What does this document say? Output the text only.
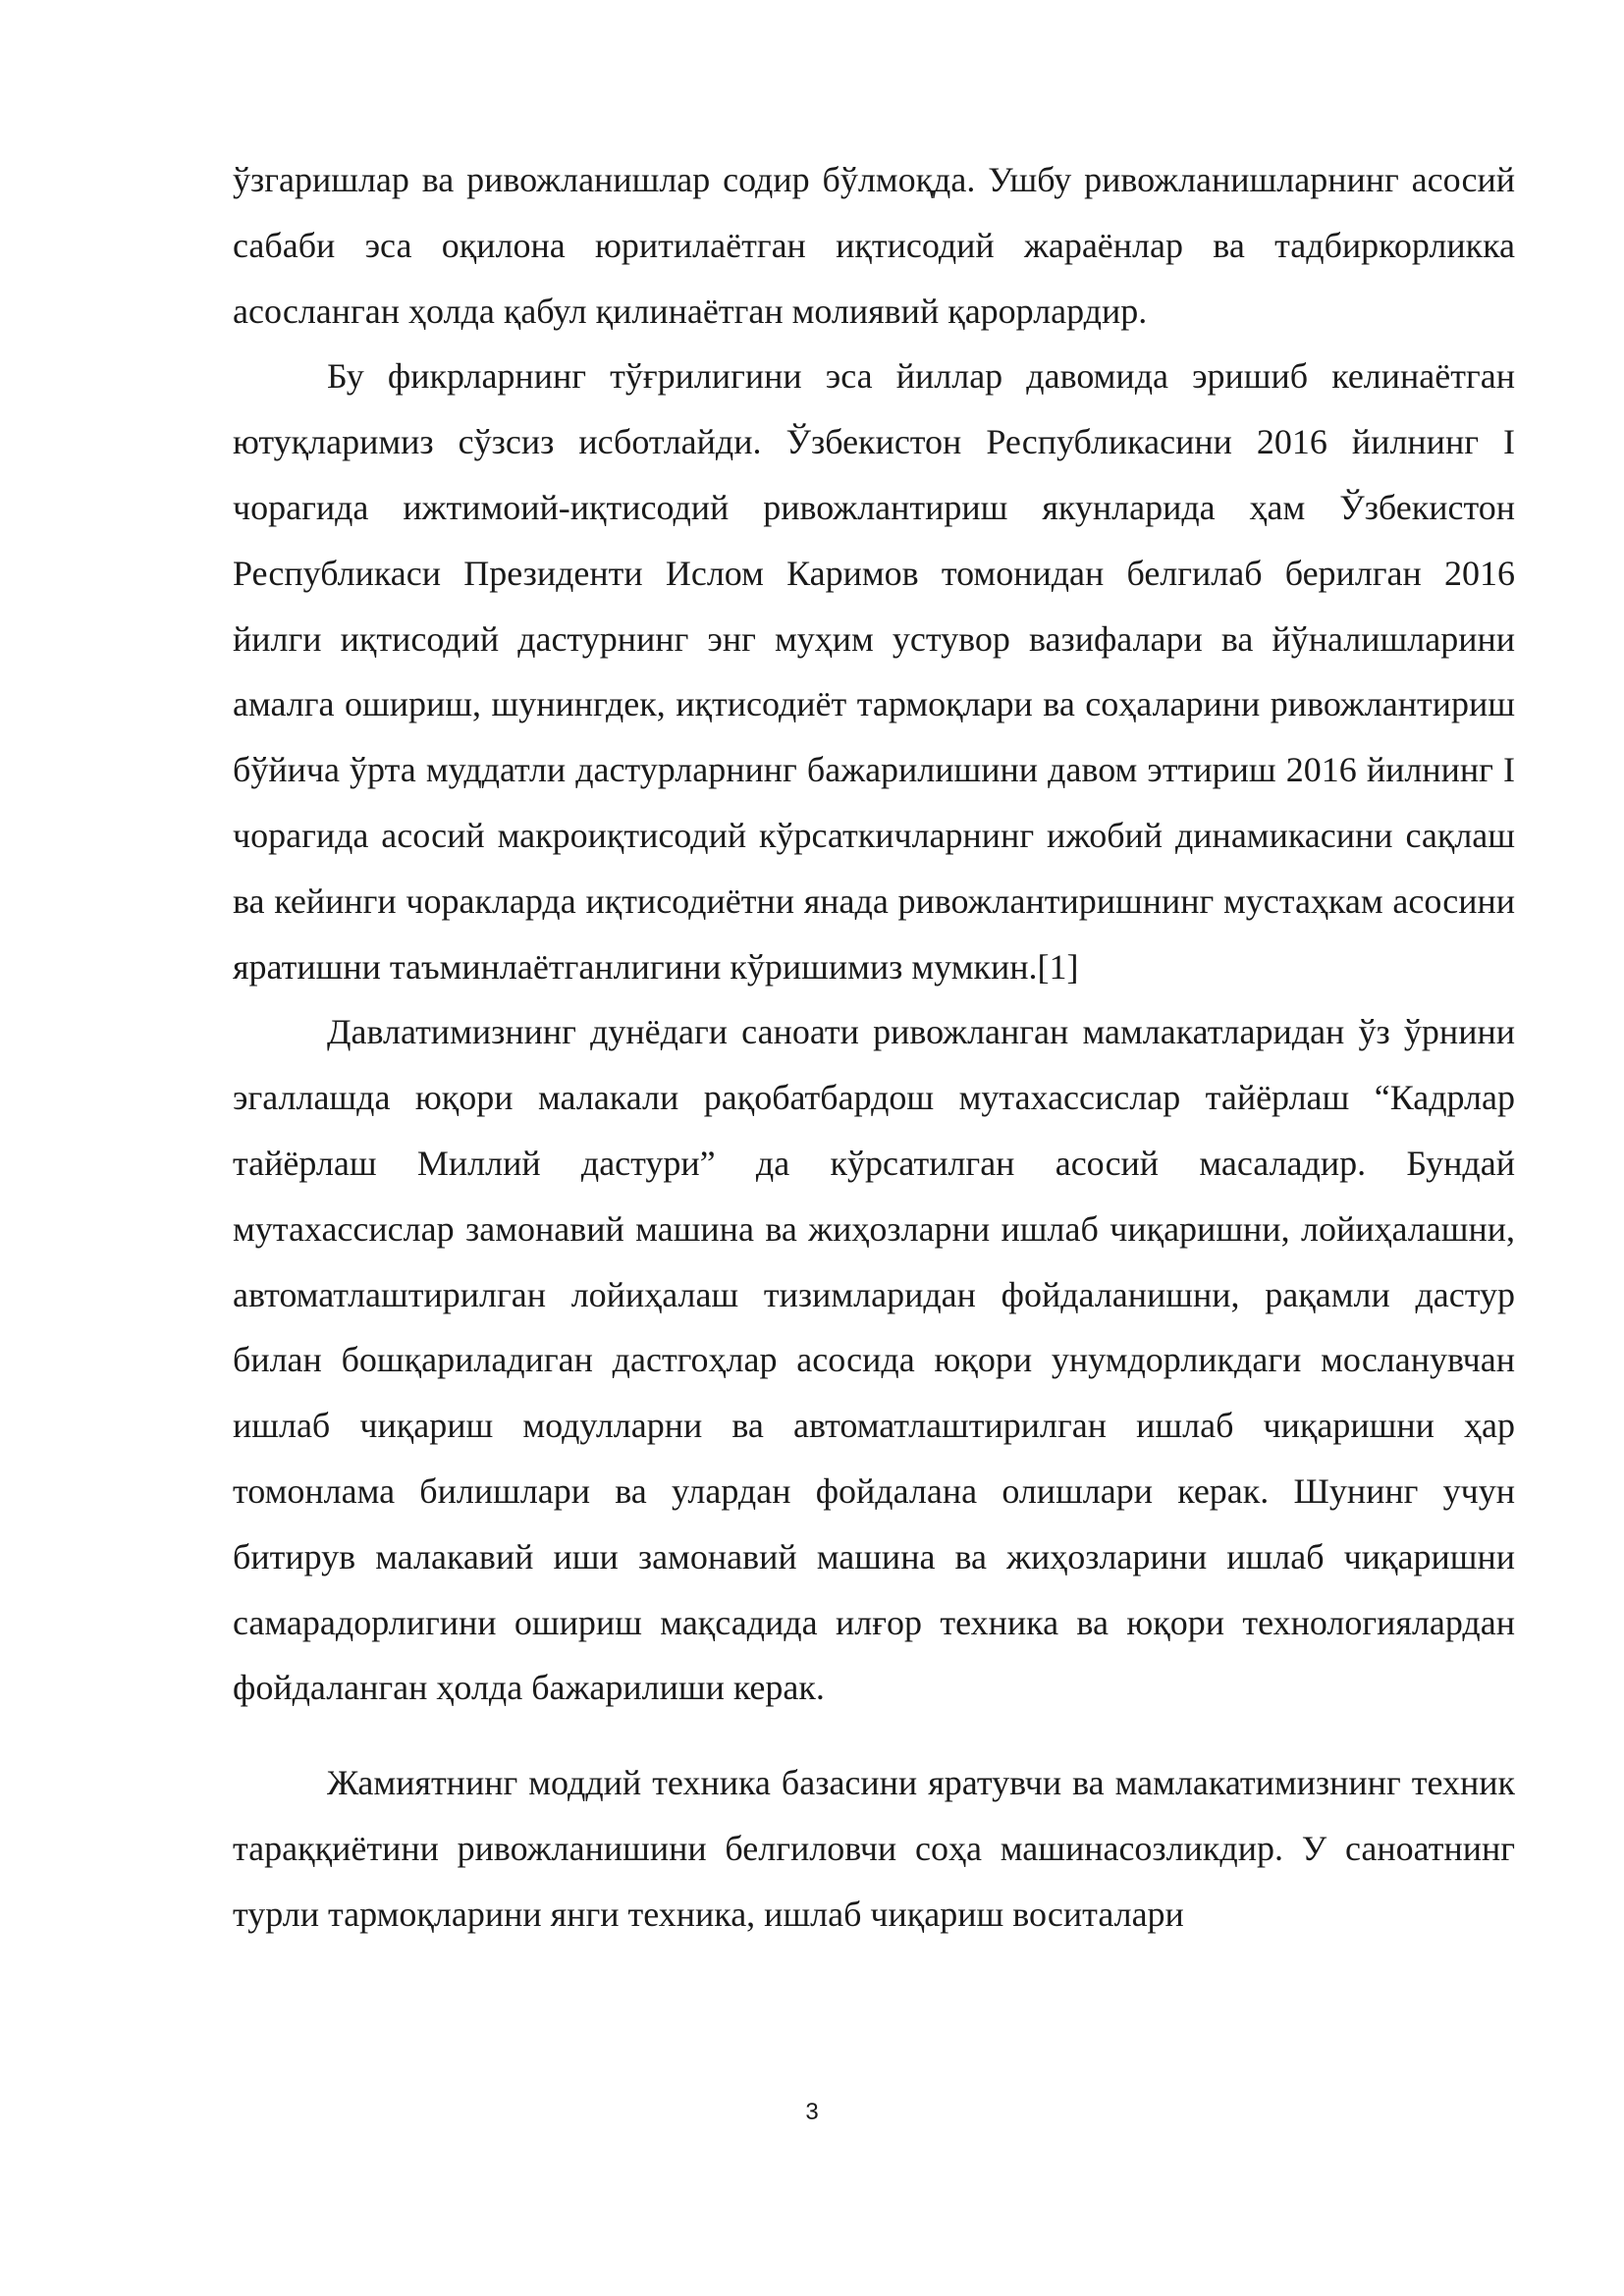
ўзгаришлар ва ривожланишлар содир бўлмоқда. Ушбу ривожланишларнинг асосий сабаби эса оқилона юритилаётган иқтисодий жараёнлар ва тадбиркорликка асосланган ҳолда қабул қилинаётган молиявий қарорлардир.

Бу фикрларнинг тўғрилигини эса йиллар давомида эришиб келинаётган ютуқларимиз сўзсиз исботлайди. Ўзбекистон Республикасини 2016 йилнинг I чорагида ижтимоий-иқтисодий ривожлантириш якунларида ҳам Ўзбекистон Республикаси Президенти Ислом Каримов томонидан белгилаб берилган 2016 йилги иқтисодий дастурнинг энг муҳим устувор вазифалари ва йўналишларини амалга ошириш, шунингдек, иқтисодиёт тармоқлари ва соҳаларини ривожлантириш бўйича ўрта муддатли дастурларнинг бажарилишини давом эттириш 2016 йилнинг I чорагида асосий макроиқтисодий кўрсаткичларнинг ижобий динамикасини сақлаш ва кейинги чоракларда иқтисодиётни янада ривожлантиришнинг мустаҳкам асосини яратишни таъминлаётганлигини кўришимиз мумкин.[1]

Давлатимизнинг дунёдаги саноати ривожланган мамлакатларидан ўз ўрнини эгаллашда юқори малакали рақобатбардош мутахассислар тайёрлаш “Кадрлар тайёрлаш Миллий дастури” да кўрсатилган асосий масаладир. Бундай мутахассислар замонавий машина ва жиҳозларни ишлаб чиқаришни, лойиҳалашни, автоматлаштирилган лойиҳалаш тизимларидан фойдаланишни, рақамли дастур билан бошқариладиган дастгоҳлар асосида юқори унумдорликдаги мосланувчан ишлаб чиқариш модулларни ва автоматлаштирилган ишлаб чиқаришни ҳар томонлама билишлари ва улардан фойдалана олишлари керак. Шунинг учун битирув малакавий иши замонавий машина ва жиҳозларини ишлаб чиқаришни самарадорлигини ошириш мақсадида илғор техника ва юқори технологиялардан фойдаланган ҳолда бажарилиши керак.

Жамиятнинг моддий техника базасини яратувчи ва мамлакатимизнинг техник тараққиётини ривожланишини белгиловчи соҳа машинасозликдир. У саноатнинг турли тармоқларини янги техника, ишлаб чиқариш воситалари

3
